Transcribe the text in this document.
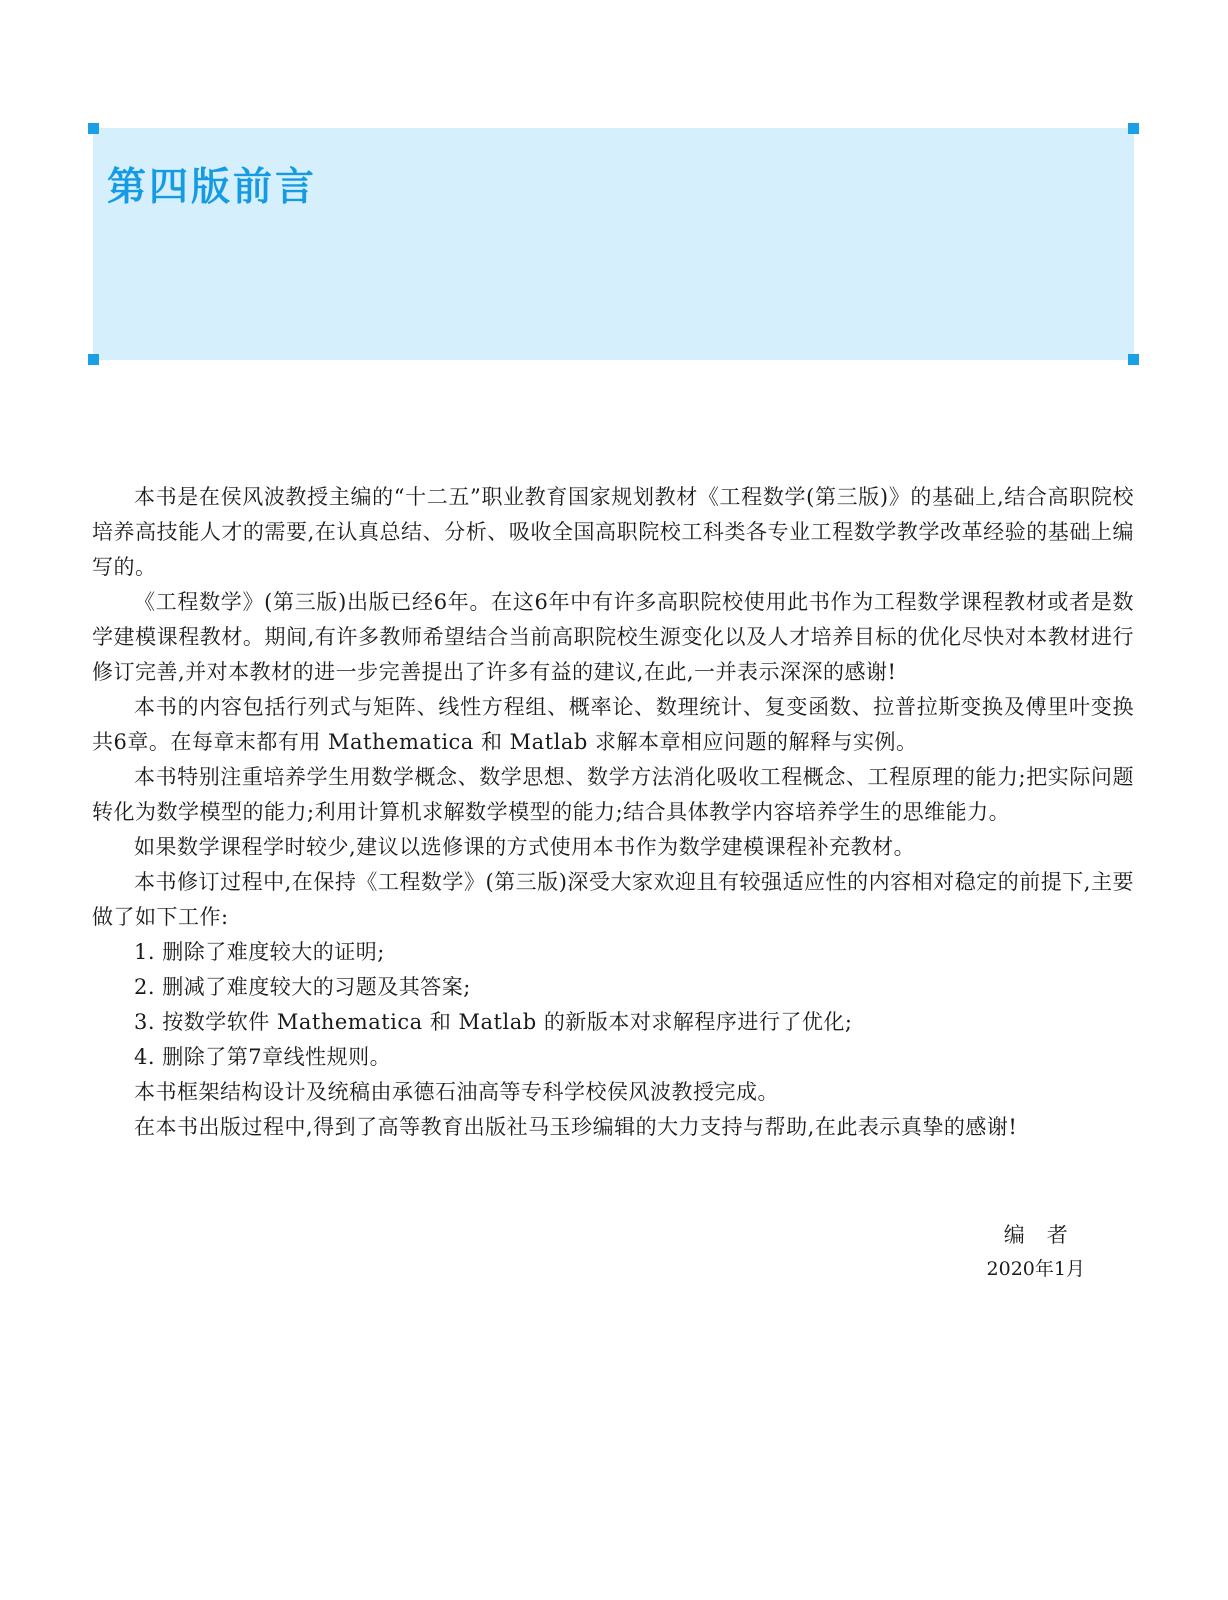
第四版前言

本书是在侯风波教授主编的“十二五”职业教育国家规划教材《工程数学(第三版)》的基础上,结合高职院校培养高技能人才的需要,在认真总结、分析、吸收全国高职院校工科类各专业工程数学教学改革经验的基础上编写的。

《工程数学》(第三版)出版已经6年。在这6年中有许多高职院校使用此书作为工程数学课程教材或者是数学建模课程教材。期间,有许多教师希望结合当前高职院校生源变化以及人才培养目标的优化尽快对本教材进行修订完善,并对本教材的进一步完善提出了许多有益的建议,在此,一并表示深深的感谢!

本书的内容包括行列式与矩阵、线性方程组、概率论、数理统计、复变函数、拉普拉斯变换及傅里叶变换共6章。在每章末都有用 Mathematica 和 Matlab 求解本章相应问题的解释与实例。

本书特别注重培养学生用数学概念、数学思想、数学方法消化吸收工程概念、工程原理的能力;把实际问题转化为数学模型的能力;利用计算机求解数学模型的能力;结合具体教学内容培养学生的思维能力。

如果数学课程学时较少,建议以选修课的方式使用本书作为数学建模课程补充教材。

本书修订过程中,在保持《工程数学》(第三版)深受大家欢迎且有较强适应性的内容相对稳定的前提下,主要做了如下工作:

1. 删除了难度较大的证明;

2. 删减了难度较大的习题及其答案;

3. 按数学软件 Mathematica 和 Matlab 的新版本对求解程序进行了优化;

4. 删除了第7章线性规则。

本书框架结构设计及统稿由承德石油高等专科学校侯风波教授完成。

在本书出版过程中,得到了高等教育出版社马玉珍编辑的大力支持与帮助,在此表示真挚的感谢!

编者
2020年1月
